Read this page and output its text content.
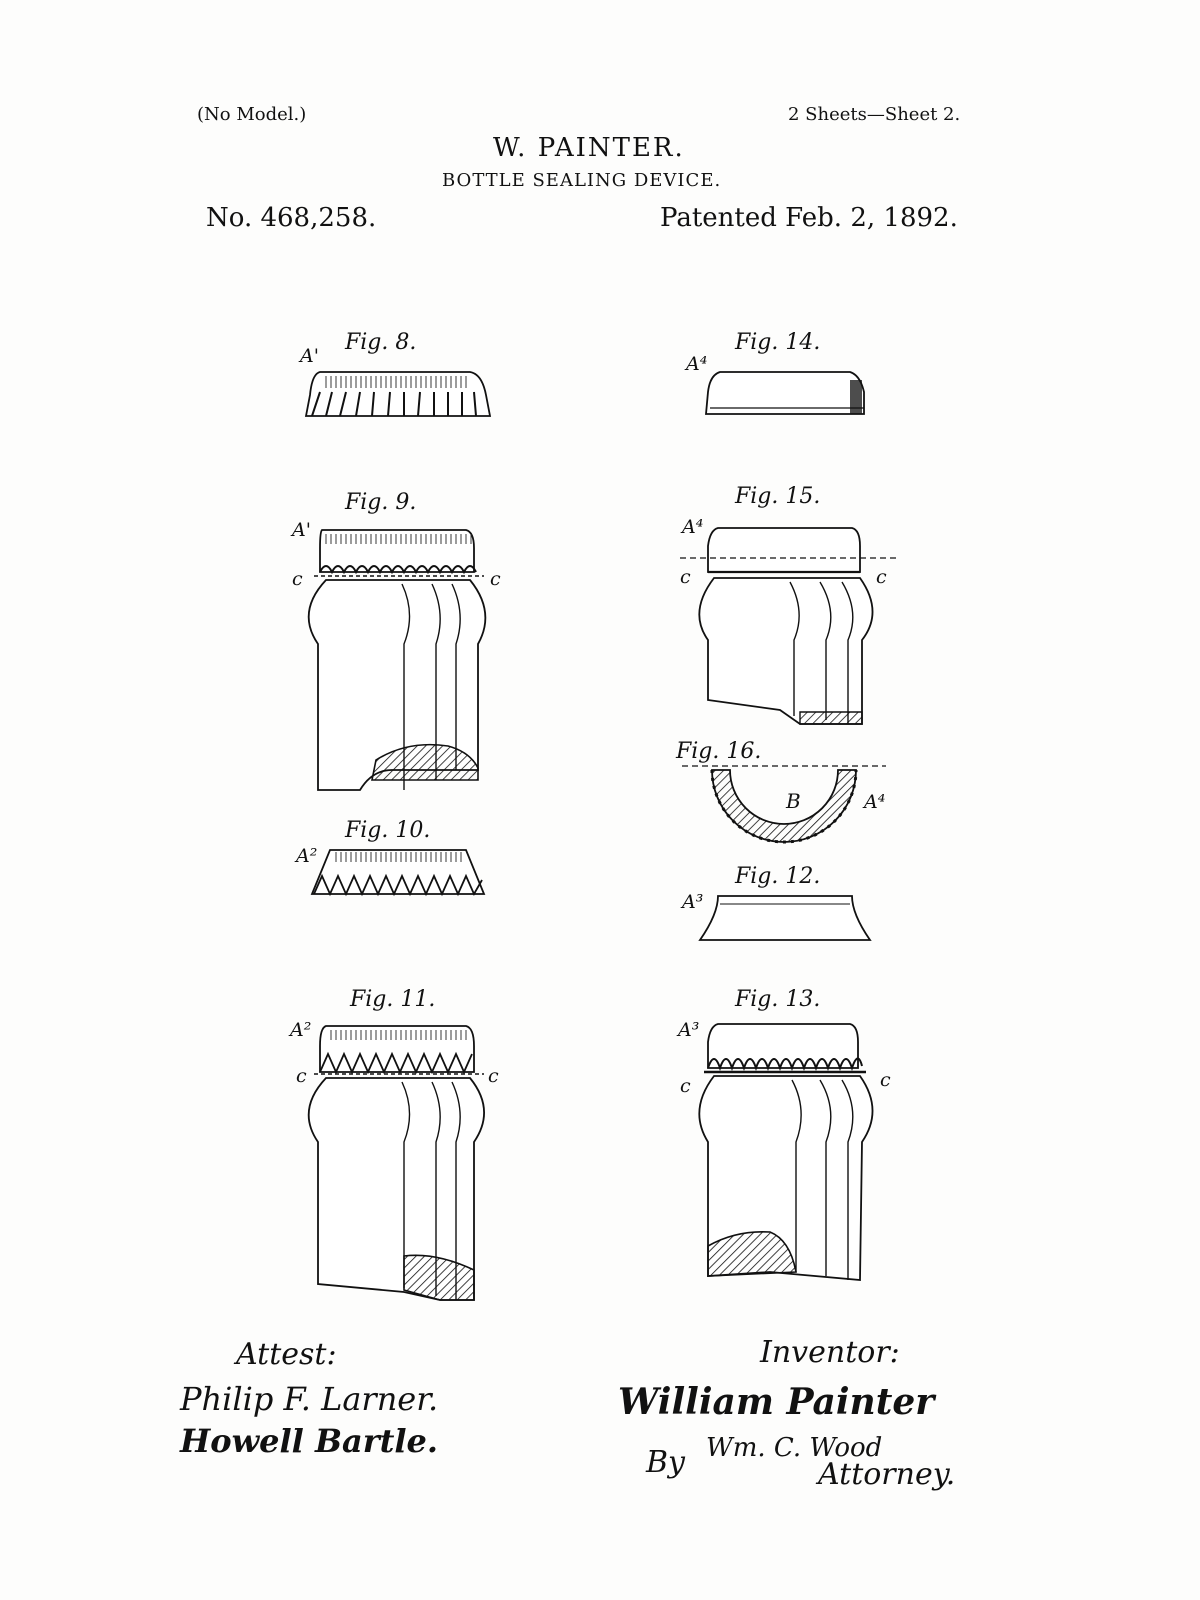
(No Model.)	2 Sheets—Sheet 2.
W. PAINTER.
BOTTLE SEALING DEVICE.
No. 468,258.	Patented Feb. 2, 1892.
Fig. 8.
A'
Fig. 14.
A⁴
Fig. 9.
A'
c	c
Fig. 15.
A⁴
c	c
Fig. 16.
B	A⁴
Fig. 10.
A²
Fig. 12.
A³
Fig. 11.
A²
c	c
Fig. 13.
A³
c	c
Attest:
Philip F. Larner.
Howell Bartle.
Inventor:
William Painter
By Wm. C. Wood
Attorney.
